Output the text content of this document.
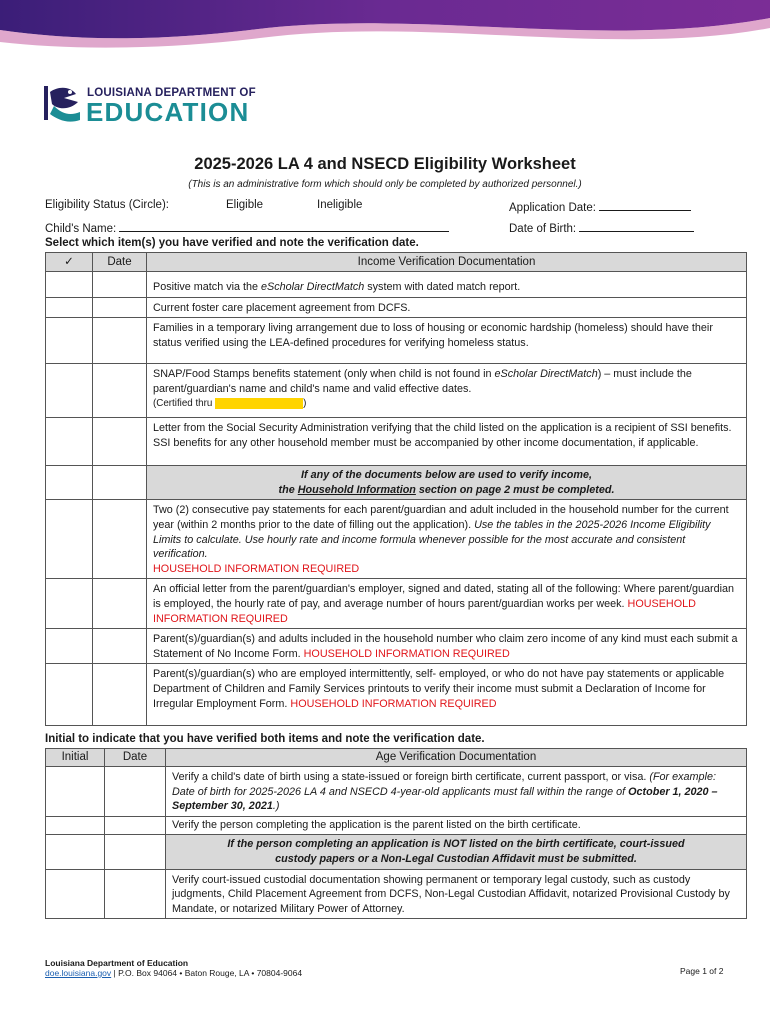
LOUISIANA DEPARTMENT OF
EDUCATION
2025-2026 LA 4 and NSECD Eligibility Worksheet
(This is an administrative form which should only be completed by authorized personnel.)
Eligibility Status (Circle):	Eligible	Ineligible	Application Date:
Child's Name:	Date of Birth:
Select which item(s) you have verified and note the verification date.
✓	Date	Income Verification Documentation
		Positive match via the eScholar DirectMatch system with dated match report.
		Current foster care placement agreement from DCFS.
		Families in a temporary living arrangement due to loss of housing or economic hardship (homeless) should have their status verified using the LEA-defined procedures for verifying homeless status.
		SNAP/Food Stamps benefits statement (only when child is not found in eScholar DirectMatch) – must include the parent/guardian's name and child's name and valid effective dates.
(Certified thru )
		Letter from the Social Security Administration verifying that the child listed on the application is a recipient of SSI benefits. SSI benefits for any other household member must be accompanied by other income documentation, if applicable.
		If any of the documents below are used to verify income,
the Household Information section on page 2 must be completed.
		Two (2) consecutive pay statements for each parent/guardian and adult included in the household number for the current year (within 2 months prior to the date of filling out the application). Use the tables in the 2025-2026 Income Eligibility Limits to calculate. Use hourly rate and income formula whenever possible for the most accurate and consistent verification.
HOUSEHOLD INFORMATION REQUIRED
		An official letter from the parent/guardian's employer, signed and dated, stating all of the following: Where parent/guardian is employed, the hourly rate of pay, and average number of hours parent/guardian works per week. HOUSEHOLD INFORMATION REQUIRED
		Parent(s)/guardian(s) and adults included in the household number who claim zero income of any kind must each submit a Statement of No Income Form. HOUSEHOLD INFORMATION REQUIRED
		Parent(s)/guardian(s) who are employed intermittently, self- employed, or who do not have pay statements or applicable Department of Children and Family Services printouts to verify their income must submit a Declaration of Income for Irregular Employment Form. HOUSEHOLD INFORMATION REQUIRED
Initial to indicate that you have verified both items and note the verification date.
Initial	Date	Age Verification Documentation
		Verify a child's date of birth using a state-issued or foreign birth certificate, current passport, or visa. (For example: Date of birth for 2025-2026 LA 4 and NSECD 4-year-old applicants must fall within the range of October 1, 2020 – September 30, 2021.)
		Verify the person completing the application is the parent listed on the birth certificate.
		If the person completing an application is NOT listed on the birth certificate, court-issued
custody papers or a Non-Legal Custodian Affidavit must be submitted.
		Verify court-issued custodial documentation showing permanent or temporary legal custody, such as custody judgments, Child Placement Agreement from DCFS, Non-Legal Custodian Affidavit, notarized Provisional Custody by Mandate, or notarized Military Power of Attorney.
Louisiana Department of Education
doe.louisiana.gov | P.O. Box 94064 • Baton Rouge, LA • 70804-9064	Page 1 of 2
